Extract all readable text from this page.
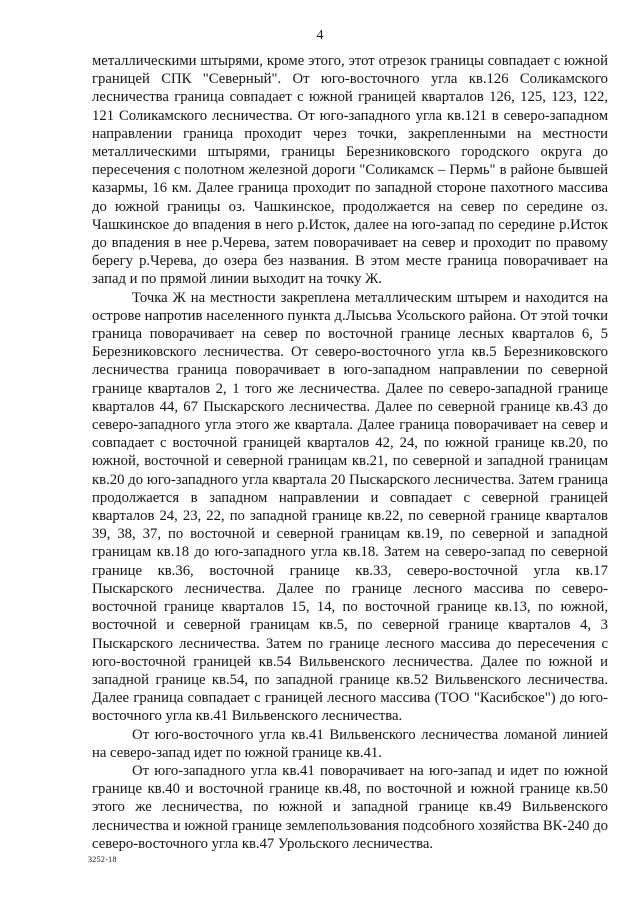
4

металлическими штырями, кроме этого, этот отрезок границы совпадает с южной границей СПК "Северный". От юго-восточного угла кв.126 Соликамского лесничества граница совпадает с южной границей кварталов 126, 125, 123, 122, 121 Соликамского лесничества. От юго-западного угла кв.121 в северо-западном направлении граница проходит через точки, закрепленными на местности металлическими штырями, границы Березниковского городского округа до пересечения с полотном железной дороги "Соликамск – Пермь" в районе бывшей казармы, 16 км. Далее граница проходит по западной стороне пахотного массива до южной границы оз. Чашкинское, продолжается на север по середине оз. Чашкинское до впадения в него р.Исток, далее на юго-запад по середине р.Исток до впадения в нее р.Черева, затем поворачивает на север и проходит по правому берегу р.Черева, до озера без названия. В этом месте граница поворачивает на запад и по прямой линии выходит на точку Ж.

Точка Ж на местности закреплена металлическим штырем и находится на острове напротив населенного пункта д.Лысьва Усольского района. От этой точки граница поворачивает на север по восточной границе лесных кварталов 6, 5 Березниковского лесничества. От северо-восточного угла кв.5 Березниковского лесничества граница поворачивает в юго-западном направлении по северной границе кварталов 2, 1 того же лесничества. Далее по северо-западной границе кварталов 44, 67 Пыскарского лесничества. Далее по северной границе кв.43 до северо-западного угла этого же квартала. Далее граница поворачивает на север и совпадает с восточной границей кварталов 42, 24, по южной границе кв.20, по южной, восточной и северной границам кв.21, по северной и западной границам кв.20 до юго-западного угла квартала 20 Пыскарского лесничества. Затем граница продолжается в западном направлении и совпадает с северной границей кварталов 24, 23, 22, по западной границе кв.22, по северной границе кварталов 39, 38, 37, по восточной и северной границам кв.19, по северной и западной границам кв.18 до юго-западного угла кв.18. Затем на северо-запад по северной границе кв.36, восточной границе кв.33, северо-восточной угла кв.17 Пыскарского лесничества. Далее по границе лесного массива по северо-восточной границе кварталов 15, 14, по восточной границе кв.13, по южной, восточной и северной границам кв.5, по северной границе кварталов 4, 3 Пыскарского лесничества. Затем по границе лесного массива до пересечения с юго-восточной границей кв.54 Вильвенского лесничества. Далее по южной и западной границе кв.54, по западной границе кв.52 Вильвенского лесничества. Далее граница совпадает с границей лесного массива (ТОО "Касибское") до юго-восточного угла кв.41 Вильвенского лесничества.

От юго-восточного угла кв.41 Вильвенского лесничества ломаной линией на северо-запад идет по южной границе кв.41.

От юго-западного угла кв.41 поворачивает на юго-запад и идет по южной границе кв.40 и восточной границе кв.48, по восточной и южной границе кв.50 этого же лесничества, по южной и западной границе кв.49 Вильвенского лесничества и южной границе землепользования подсобного хозяйства ВК-240 до северо-восточного угла кв.47 Урольского лесничества.

3252-18
